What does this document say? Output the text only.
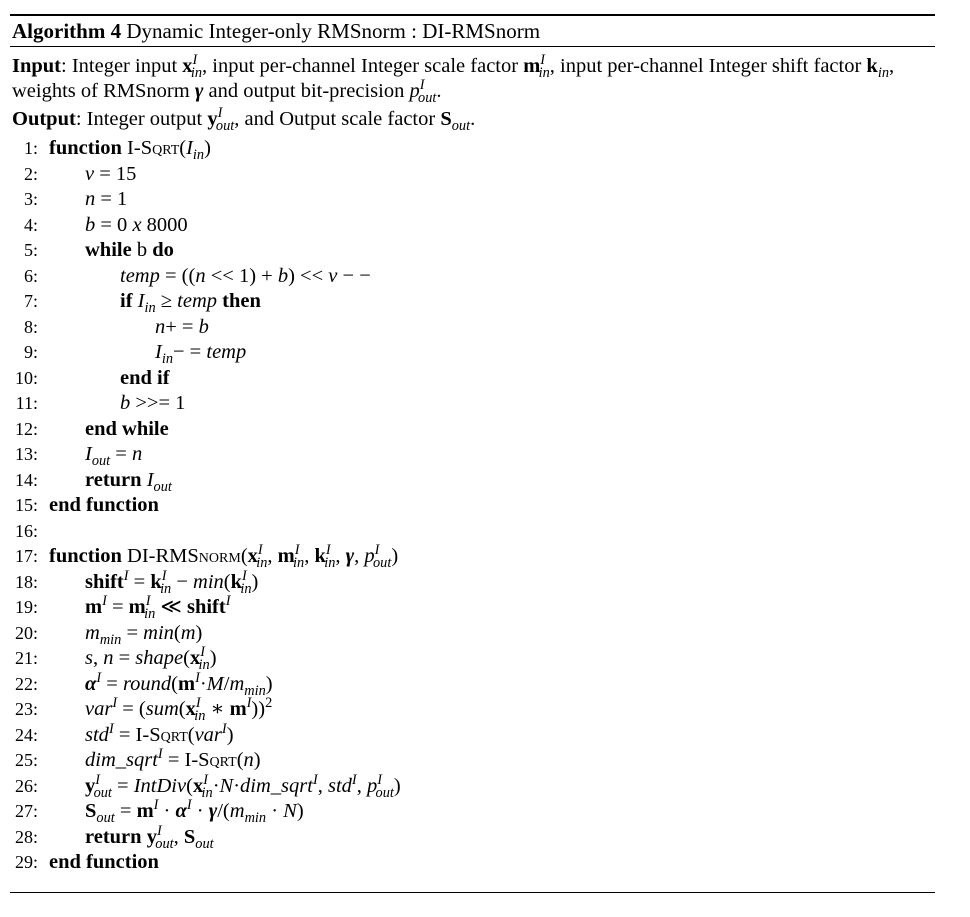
Algorithm 4 Dynamic Integer-only RMSnorm : DI-RMSnorm
Input: Integer input $x^I_{in}$, input per-channel Integer scale factor $m^I_{in}$, input per-channel Integer shift factor $k_{in}$, weights of RMSnorm γ and output bit-precision $p^I_{out}$.
Output: Integer output $y^I_{out}$, and Output scale factor $S_{out}$.
1: function $I-Sqrt(I_{in})$
2: v = 15
3: n = 1
4: b = 0 x 8000
5: while b do
6:	temp = ((n << 1) + b) << v − −
7:	if $I_{in}$ ≥ temp then
8:	n+ = b
9:	$I_{in}-$ = temp
10:	end if
11:	b >>= 1
12: end while
13: $I_{out} = n$
14: return $I_{out}$
15: end function
16:
17: function $DI-RMSnorm(x^I_{in}$, $m^I_{in}$, $k^I_{in}$, γ, $p^I_{out}$)
18: shift$^I$ = $k^I_{in} - \min(k^I_{in})$
19: $m^I = m^I_{in}$ ≪ shift$^I$
20: $m_{min} = \min(m)$
21: s, $n = shape(x^I_{in})$
22: $\alpha^I$ = $round(m^I\cdot M/m_{min})$
23: $var^I = (sum(x^I_{in}$ ∗ $m^I))^2$
24: std$^I$ = I-Sqrt(var$^I$)
25: dim_sqrt$^I$ = I-Sqrt(n)
26: $y^I_{out}$ = $IntDiv(x^I_{in}\cdot N\cdot dim\_sqrt^I$, std$^I$, $p^I_{out}$)
27: $S_{out} = m^I \cdot \alpha^I \cdot \gamma/(m_{min} \cdot N)$
28: return $y^I_{out}$, $S_{out}$
29: end function
